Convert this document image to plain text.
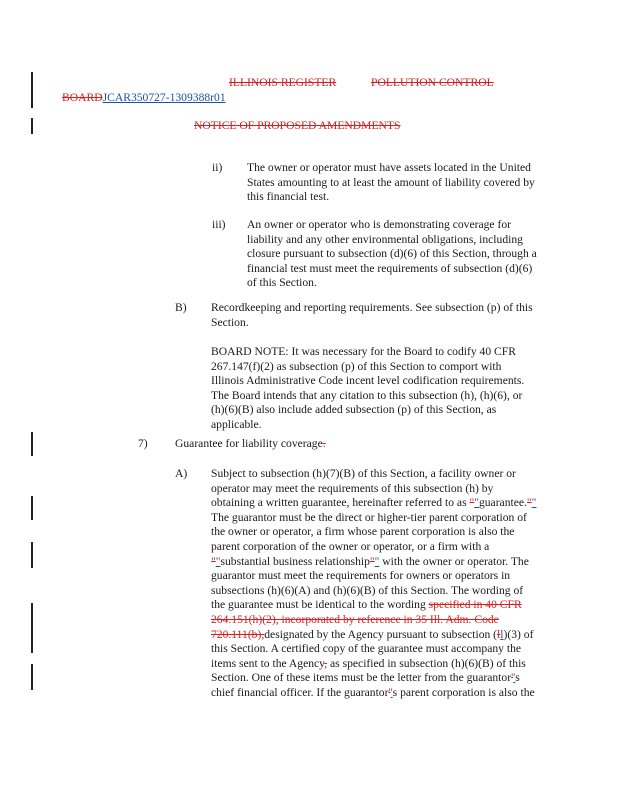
ILLINOIS REGISTER	POLLUTION CONTROL
BOARDJCAR350727-1309388r01
NOTICE OF PROPOSED AMENDMENTS
ii) The owner or operator must have assets located in the United States amounting to at least the amount of liability covered by this financial test.

iii) An owner or operator who is demonstrating coverage for liability and any other environmental obligations, including closure pursuant to subsection (d)(6) of this Section, through a financial test must meet the requirements of subsection (d)(6) of this Section.

B) Recordkeeping and reporting requirements. See subsection (p) of this Section.

BOARD NOTE: It was necessary for the Board to codify 40 CFR 267.147(f)(2) as subsection (p) of this Section to comport with Illinois Administrative Code incent level codification requirements. The Board intends that any citation to this subsection (h), (h)(6), or (h)(6)(B) also include added subsection (p) of this Section, as applicable.

7) Guarantee for liability coverage.

A) Subject to subsection (h)(7)(B) of this Section, a facility owner or operator may meet the requirements of this subsection (h) by obtaining a written guarantee, hereinafter referred to as ""guarantee."" The guarantor must be the direct or higher-tier parent corporation of the owner or operator, a firm whose parent corporation is also the parent corporation of the owner or operator, or a firm with a ""substantial business relationship"" with the owner or operator. The guarantor must meet the requirements for owners or operators in subsections (h)(6)(A) and (h)(6)(B) of this Section. The wording of the guarantee must be identical to the wording specified in 40 CFR 264.151(h)(2), incorporated by reference in 35 Ill. Adm. Code 720.111(b),designated by the Agency pursuant to subsection (ll)(3) of this Section. A certified copy of the guarantee must accompany the items sent to the Agency, as specified in subsection (h)(6)(B) of this Section. One of these items must be the letter from the guarantor''s chief financial officer. If the guarantor''s parent corporation is also the
